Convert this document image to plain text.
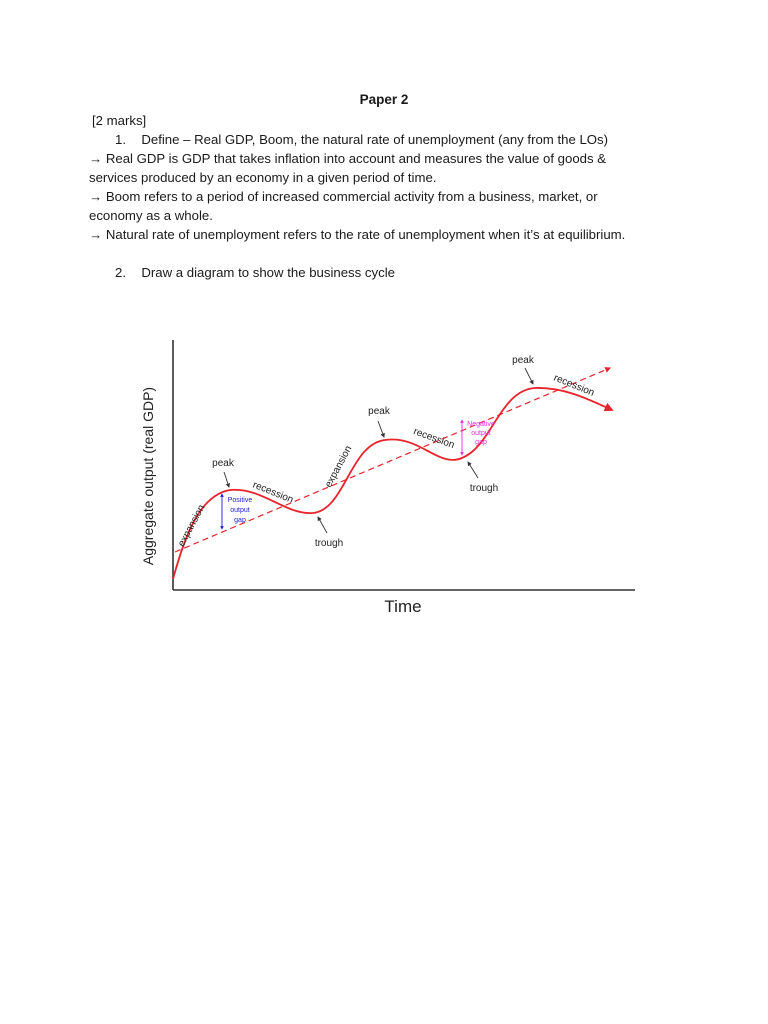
Paper 2
[2 marks]
1. Define – Real GDP, Boom, the natural rate of unemployment (any from the LOs)
→ Real GDP is GDP that takes inflation into account and measures the value of goods &
services produced by an economy in a given period of time.
→ Boom refers to a period of increased commercial activity from a business, market, or
economy as a whole.
→ Natural rate of unemployment refers to the rate of unemployment when it’s at equilibrium.
2. Draw a diagram to show the business cycle
Positive
output
gap
Negative
output
gap
peak
peak
peak
trough
trough
expansion
recession
expansion
recession
recession
Aggregate output (real GDP)
Time
